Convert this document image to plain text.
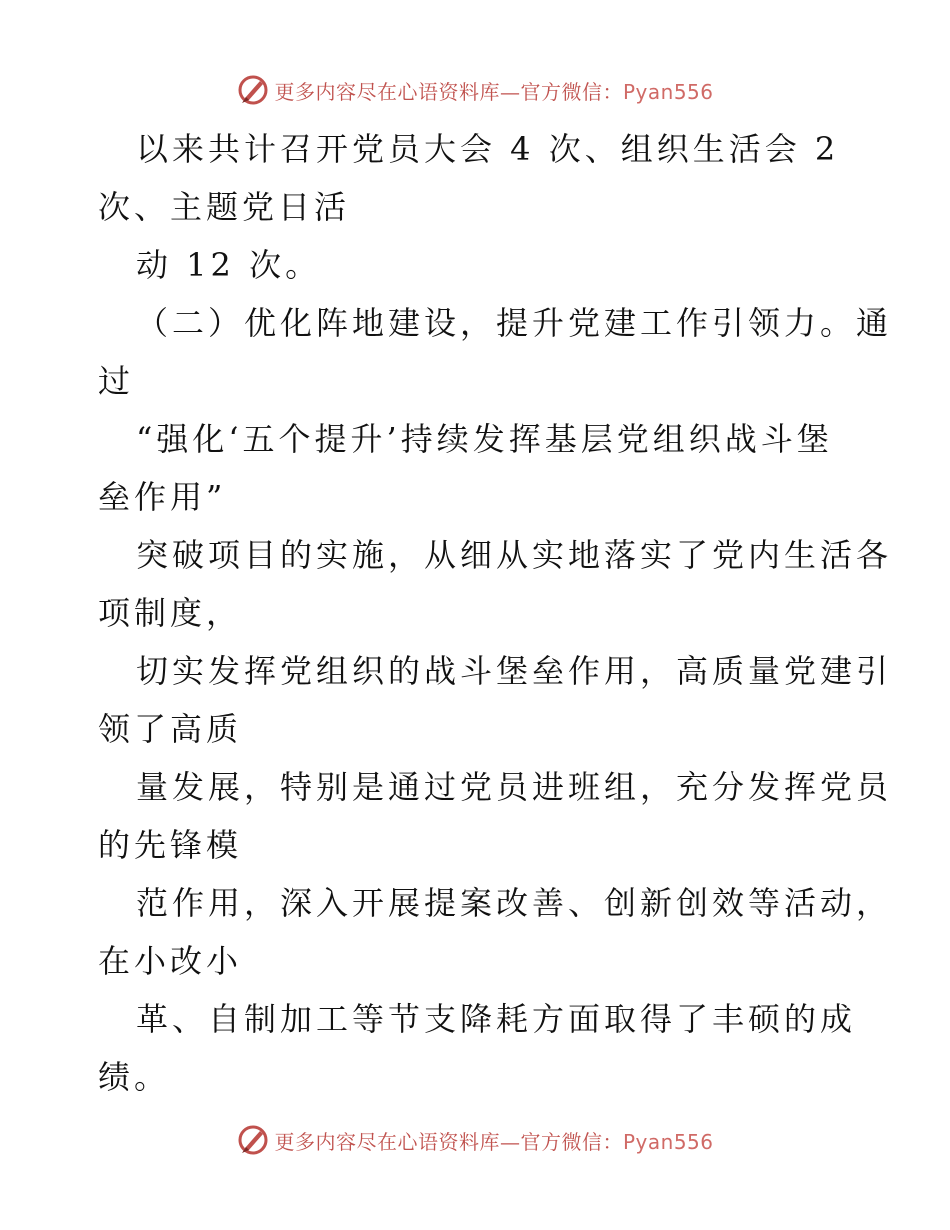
更多内容尽在心语资料库—官方微信：Pyan556
以来共计召开党员大会 4 次、组织生活会 2
次、主题党日活
动 12 次。
（二）优化阵地建设，提升党建工作引领力。通
过
“强化‘五个提升’持续发挥基层党组织战斗堡
垒作用”
突破项目的实施，从细从实地落实了党内生活各
项制度，
切实发挥党组织的战斗堡垒作用，高质量党建引
领了高质
量发展，特别是通过党员进班组，充分发挥党员
的先锋模
范作用，深入开展提案改善、创新创效等活动，
在小改小
革、自制加工等节支降耗方面取得了丰硕的成
绩。
更多内容尽在心语资料库—官方微信：Pyan556
